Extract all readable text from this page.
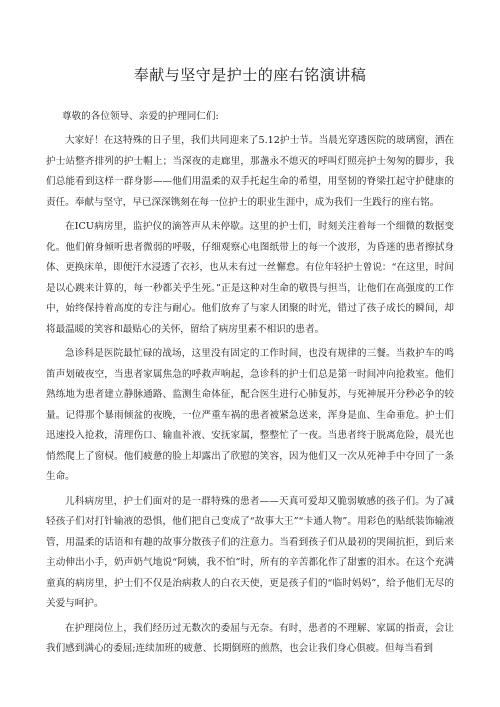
奉献与坚守是护士的座右铭演讲稿

尊敬的各位领导、亲爱的护理同仁们:

大家好！在这特殊的日子里，我们共同迎来了5.12护士节。当晨光穿透医院的玻璃窗，洒在护士站整齐排列的护士帽上；当深夜的走廊里，那盏永不熄灭的呼叫灯照亮护士匆匆的脚步，我们总能看到这样一群身影——他们用温柔的双手托起生命的希望，用坚韧的脊梁扛起守护健康的责任。奉献与坚守，早已深深镌刻在每一位护士的职业生涯中，成为我们一生践行的座右铭。

在ICU病房里，监护仪的滴答声从未停歇。这里的护士们，时刻关注着每一个细微的数据变化。他们俯身倾听患者微弱的呼吸，仔细观察心电图纸带上的每一个波形，为昏迷的患者擦拭身体、更换床单，即便汗水浸透了衣衫，也从未有过一丝懈怠。有位年轻护士曾说：“在这里，时间是以心跳来计算的，每一秒都关乎生死。”正是这种对生命的敬畏与担当，让他们在高强度的工作中，始终保持着高度的专注与耐心。他们放弃了与家人团聚的时光，错过了孩子成长的瞬间，却将最温暖的笑容和最贴心的关怀，留给了病房里素不相识的患者。

急诊科是医院最忙碌的战场，这里没有固定的工作时间，也没有规律的三餐。当救护车的鸣笛声划破夜空，当患者家属焦急的呼救声响起，急诊科的护士们总是第一时间冲向抢救室。他们熟练地为患者建立静脉通路、监测生命体征，配合医生进行心肺复苏，与死神展开分秒必争的较量。记得那个暴雨倾盆的夜晚，一位严重车祸的患者被紧急送来，浑身是血、生命垂危。护士们迅速投入抢救，清理伤口、输血补液、安抚家属，整整忙了一夜。当患者终于脱离危险，晨光也悄然爬上了窗棂。他们疲惫的脸上却露出了欣慰的笑容，因为他们又一次从死神手中夺回了一条生命。

儿科病房里，护士们面对的是一群特殊的患者——天真可爱却又脆弱敏感的孩子们。为了减轻孩子们对打针输液的恐惧，他们把自己变成了“故事大王”“卡通人物”。用彩色的贴纸装饰输液管，用温柔的话语和有趣的故事分散孩子们的注意力。当看到孩子们从最初的哭闹抗拒，到后来主动伸出小手，奶声奶气地说“阿姨，我不怕”时，所有的辛苦都化作了甜蜜的泪水。在这个充满童真的病房里，护士们不仅是治病救人的白衣天使，更是孩子们的“临时妈妈”，给予他们无尽的关爱与呵护。

在护理岗位上，我们经历过无数次的委屈与无奈。有时，患者的不理解、家属的指责，会让我们感到满心的委屈;连续加班的疲惫、长期倒班的煎熬，也会让我们身心俱疲。但每当看到
